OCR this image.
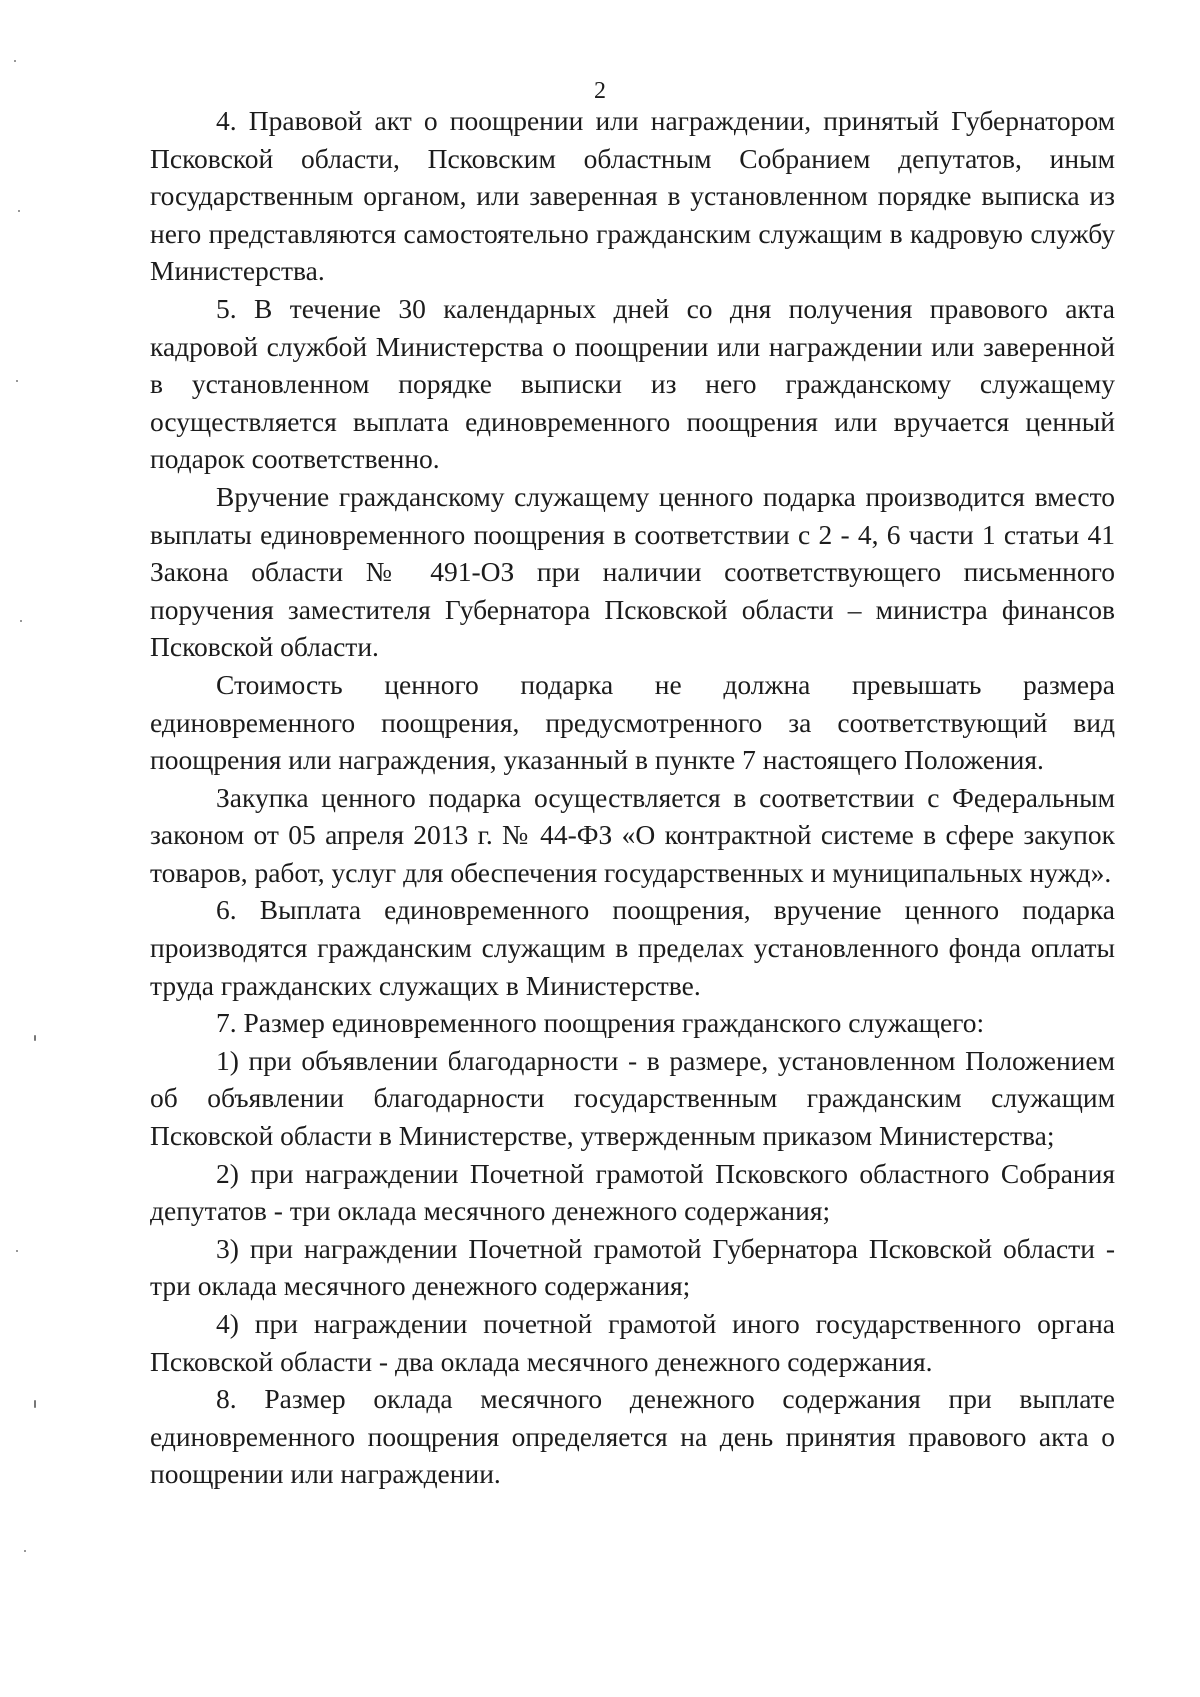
2

4. Правовой акт о поощрении или награждении, принятый Губернатором Псковской области, Псковским областным Собранием депутатов, иным государственным органом, или заверенная в установленном порядке выписка из него представляются самостоятельно гражданским служащим в кадровую службу Министерства.

5. В течение 30 календарных дней со дня получения правового акта кадровой службой Министерства о поощрении или награждении или заверенной в установленном порядке выписки из него гражданскому служащему осуществляется выплата единовременного поощрения или вручается ценный подарок соответственно.

Вручение гражданскому служащему ценного подарка производится вместо выплаты единовременного поощрения в соответствии с 2 - 4, 6 части 1 статьи 41 Закона области № 491-ОЗ при наличии соответствующего письменного поручения заместителя Губернатора Псковской области – министра финансов Псковской области.

Стоимость ценного подарка не должна превышать размера единовременного поощрения, предусмотренного за соответствующий вид поощрения или награждения, указанный в пункте 7 настоящего Положения.

Закупка ценного подарка осуществляется в соответствии с Федеральным законом от 05 апреля 2013 г. № 44-ФЗ «О контрактной системе в сфере закупок товаров, работ, услуг для обеспечения государственных и муниципальных нужд».

6. Выплата единовременного поощрения, вручение ценного подарка производятся гражданским служащим в пределах установленного фонда оплаты труда гражданских служащих в Министерстве.

7. Размер единовременного поощрения гражданского служащего:

1) при объявлении благодарности - в размере, установленном Положением об объявлении благодарности государственным гражданским служащим Псковской области в Министерстве, утвержденным приказом Министерства;

2) при награждении Почетной грамотой Псковского областного Собрания депутатов - три оклада месячного денежного содержания;

3) при награждении Почетной грамотой Губернатора Псковской области - три оклада месячного денежного содержания;

4) при награждении почетной грамотой иного государственного органа Псковской области - два оклада месячного денежного содержания.

8. Размер оклада месячного денежного содержания при выплате единовременного поощрения определяется на день принятия правового акта о поощрении или награждении.
